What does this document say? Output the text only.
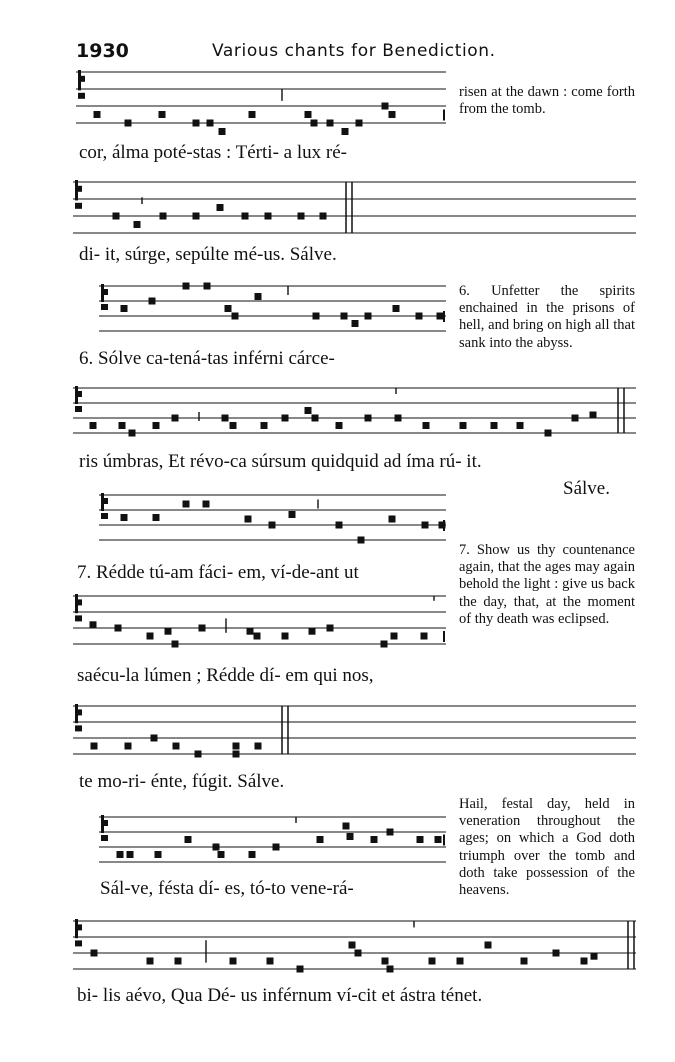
1930	Various chants for Benediction.
cor, álma poté-stas : Térti- a lux ré-
di- it, súrge, sepúlte mé-us. Sálve.
6. Sólve ca-tená-tas inférni cárce-
ris úmbras, Et révo-ca súrsum quidquid ad íma rú- it.
Sálve.
7. Rédde tú-am fáci- em, ví-de-ant ut
saécu-la lúmen ; Rédde dí- em qui nos,
te mo-ri- énte, fúgit. Sálve.
Sál-ve, fésta dí- es, tó-to vene-rá-
bi- lis aévo, Qua Dé- us inférnum ví-cit et ástra ténet.
risen at the dawn : come forth from the tomb.
6. Unfetter the spirits enchained in the prisons of hell, and bring on high all that sank into the abyss.
7. Show us thy countenance again, that the ages may again behold the light : give us back the day, that, at the moment of thy death was eclipsed.
Hail, festal day, held in veneration throughout the ages; on which a God doth triumph over the tomb and doth take possession of the heavens.
